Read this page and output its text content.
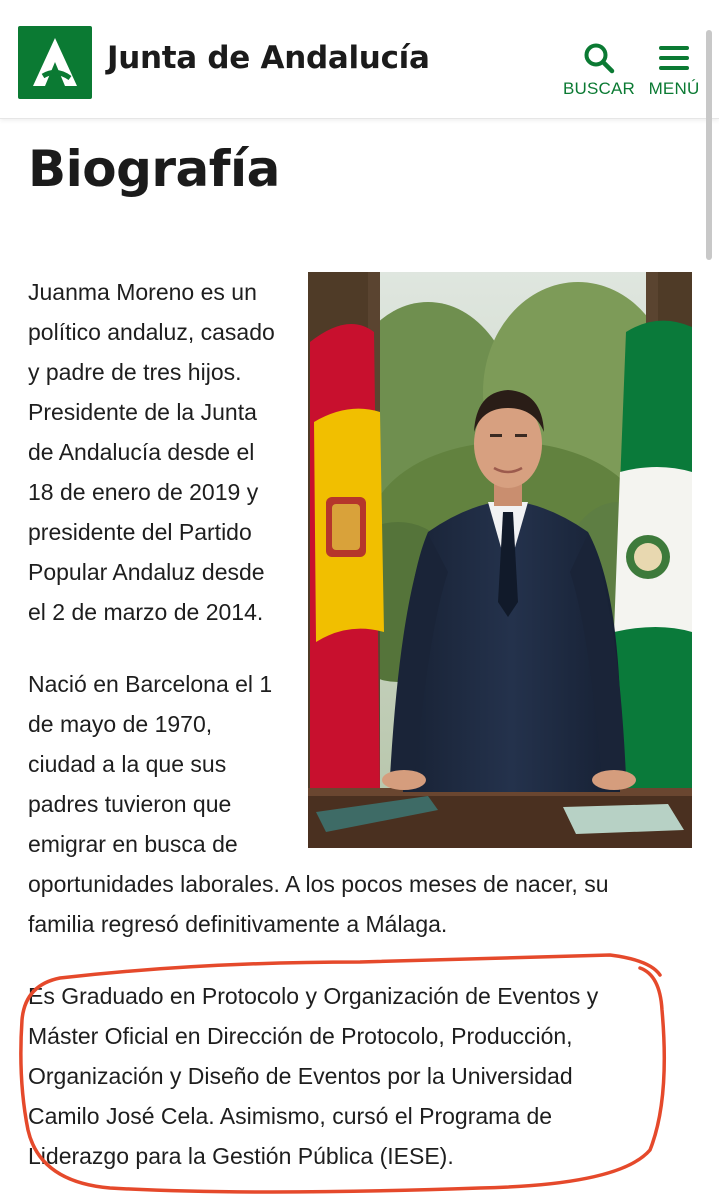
Junta de Andalucía
BUSCAR MENÚ
Biografía
Juanma Moreno es un
político andaluz, casado
y padre de tres hijos.
Presidente de la Junta
de Andalucía desde el
18 de enero de 2019 y
presidente del Partido
Popular Andaluz desde
el 2 de marzo de 2014.
Nació en Barcelona el 1
de mayo de 1970,
ciudad a la que sus
padres tuvieron que
emigrar en busca de
oportunidades laborales. A los pocos meses de nacer, su
familia regresó definitivamente a Málaga.
Es Graduado en Protocolo y Organización de Eventos y
Máster Oficial en Dirección de Protocolo, Producción,
Organización y Diseño de Eventos por la Universidad
Camilo José Cela. Asimismo, cursó el Programa de
Liderazgo para la Gestión Pública (IESE).
